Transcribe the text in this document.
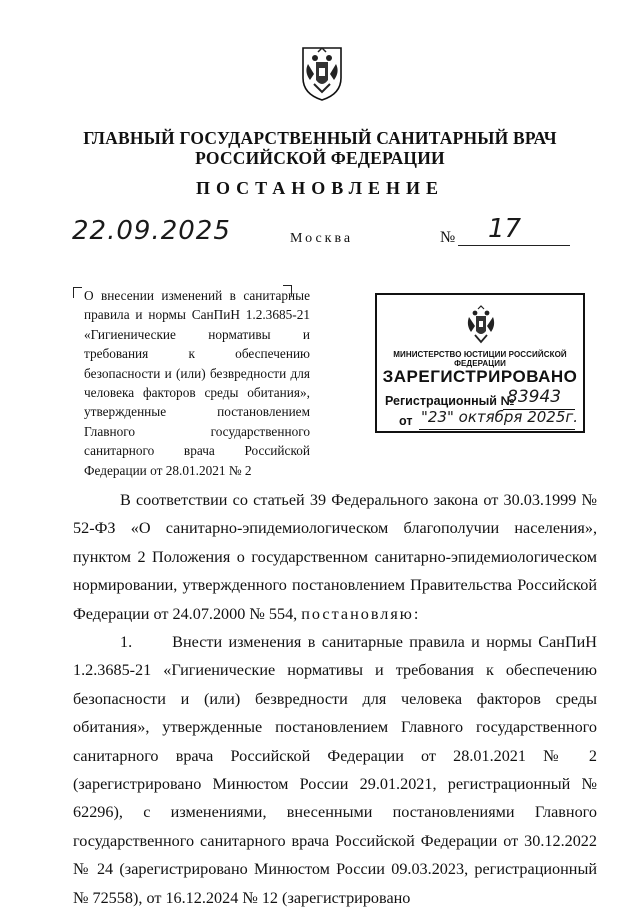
ГЛАВНЫЙ ГОСУДАРСТВЕННЫЙ САНИТАРНЫЙ ВРАЧ
РОССИЙСКОЙ ФЕДЕРАЦИИ
ПОСТАНОВЛЕНИЕ
22.09.2025	Москва	№ 17
О внесении изменений в санитарные правила и нормы СанПиН 1.2.3685-21 «Гигиенические нормативы и требования к обеспечению безопасности и (или) безвредности для человека факторов среды обитания», утвержденные постановлением Главного государственного санитарного врача Российской Федерации от 28.01.2021 № 2
МИНИСТЕРСТВО ЮСТИЦИИ РОССИЙСКОЙ ФЕДЕРАЦИИ
ЗАРЕГИСТРИРОВАНО
Регистрационный №
83943
от "23" октября 2025г.

В соответствии со статьей 39 Федерального закона от 30.03.1999 № 52-ФЗ «О санитарно-эпидемиологическом благополучии населения», пунктом 2 Положения о государственном санитарно-эпидемиологическом нормировании, утвержденного постановлением Правительства Российской Федерации от 24.07.2000 № 554, постановляю:

1. Внести изменения в санитарные правила и нормы СанПиН 1.2.3685-21 «Гигиенические нормативы и требования к обеспечению безопасности и (или) безвредности для человека факторов среды обитания», утвержденные постановлением Главного государственного санитарного врача Российской Федерации от 28.01.2021 № 2 (зарегистрировано Минюстом России 29.01.2021, регистрационный № 62296), с изменениями, внесенными постановлениями Главного государственного санитарного врача Российской Федерации от 30.12.2022 № 24 (зарегистрировано Минюстом России 09.03.2023, регистрационный № 72558), от 16.12.2024 № 12 (зарегистрировано
